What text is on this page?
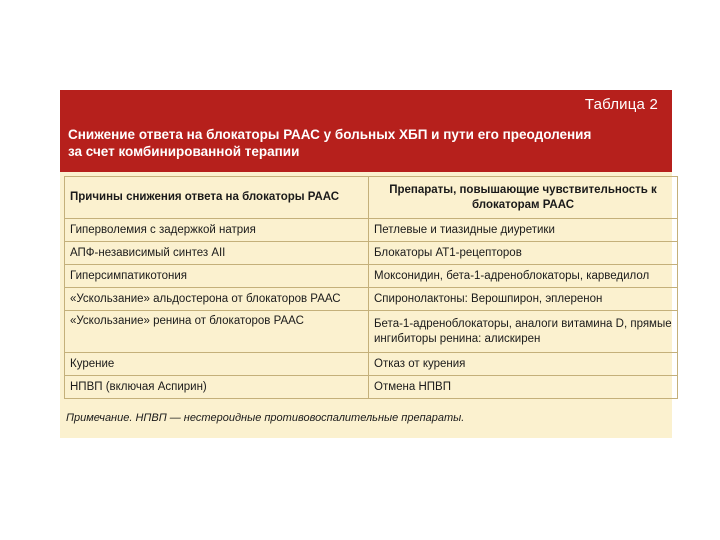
Таблица 2
Снижение ответа на блокаторы РААС у больных ХБП и пути его преодоления
за счет комбинированной терапии
Причины снижения ответа на блокаторы РААС	Препараты, повышающие чувствительность к блокаторам РААС
Гиперволемия с задержкой натрия	Петлевые и тиазидные диуретики
АПФ-независимый синтез АII	Блокаторы АТ1-рецепторов
Гиперсимпатикотония	Моксонидин, бета-1-адреноблокаторы, карведилол
«Ускользание» альдостерона от блокаторов РААС	Спиронолактоны: Верошпирон, эплеренон
«Ускользание» ренина от блокаторов РААС	Бета-1-адреноблокаторы, аналоги витамина D, прямые ингибиторы ренина: алискирен
Курение	Отказ от курения
НПВП (включая Аспирин)	Отмена НПВП
Примечание. НПВП — нестероидные противовоспалительные препараты.
